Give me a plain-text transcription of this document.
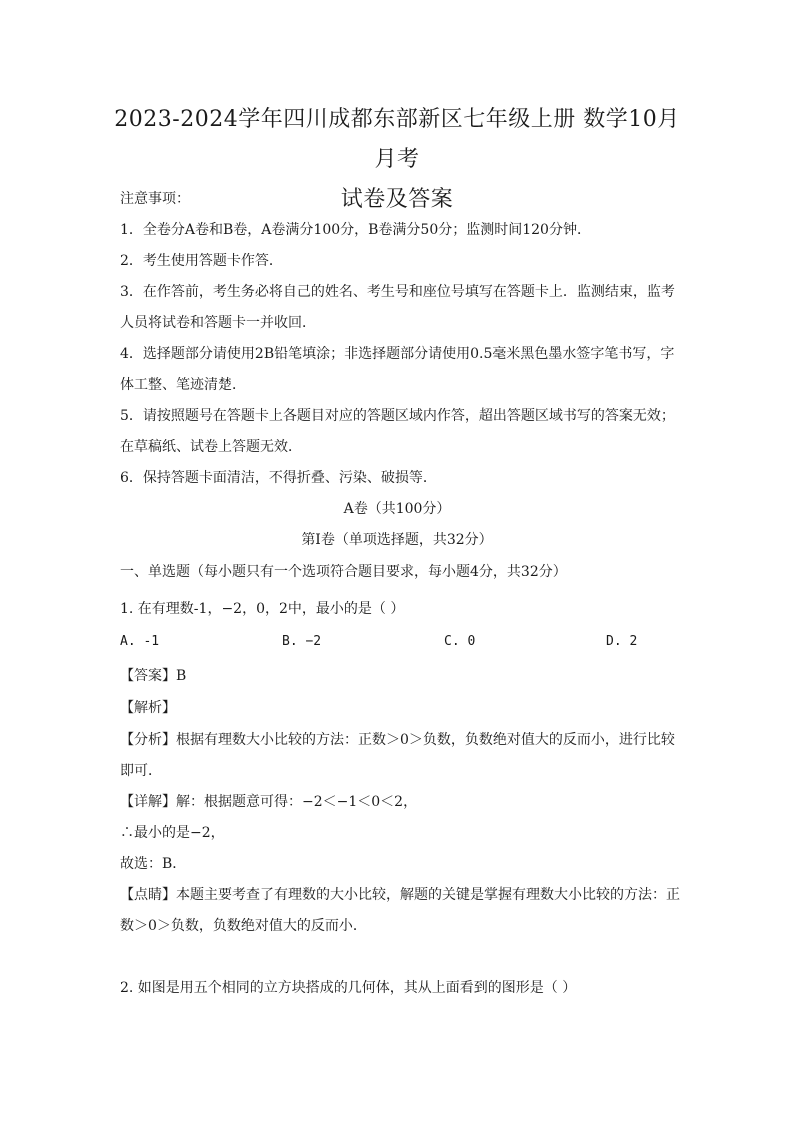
2023-2024学年四川成都东部新区七年级上册 数学10月月考
试卷及答案
注意事项：
1．全卷分A卷和B卷，A卷满分100分，B卷满分50分；监测时间120分钟．
2．考生使用答题卡作答．
3．在作答前，考生务必将自己的姓名、考生号和座位号填写在答题卡上．监测结束，监考
人员将试卷和答题卡一并收回．
4．选择题部分请使用2B铅笔填涂；非选择题部分请使用0.5毫米黑色墨水签字笔书写，字
体工整、笔迹清楚．
5．请按照题号在答题卡上各题目对应的答题区域内作答，超出答题区域书写的答案无效；
在草稿纸、试卷上答题无效．
6．保持答题卡面清洁，不得折叠、污染、破损等．
A卷（共100分）
第Ⅰ卷（单项选择题，共32分）
一、单选题（每小题只有一个选项符合题目要求，每小题4分，共32分）
1. 在有理数-1，−2，0，2中，最小的是（ ）
A. -1	B. −2	C. 0	D. 2
【答案】B
【解析】
【分析】根据有理数大小比较的方法：正数＞0＞负数，负数绝对值大的反而小，进行比较
即可．
【详解】解：根据题意可得：−2＜−1＜0＜2，
∴最小的是−2，
故选：B．
【点睛】本题主要考查了有理数的大小比较，解题的关键是掌握有理数大小比较的方法：正
数＞0＞负数，负数绝对值大的反而小．
2. 如图是用五个相同的立方块搭成的几何体，其从上面看到的图形是（ ）
